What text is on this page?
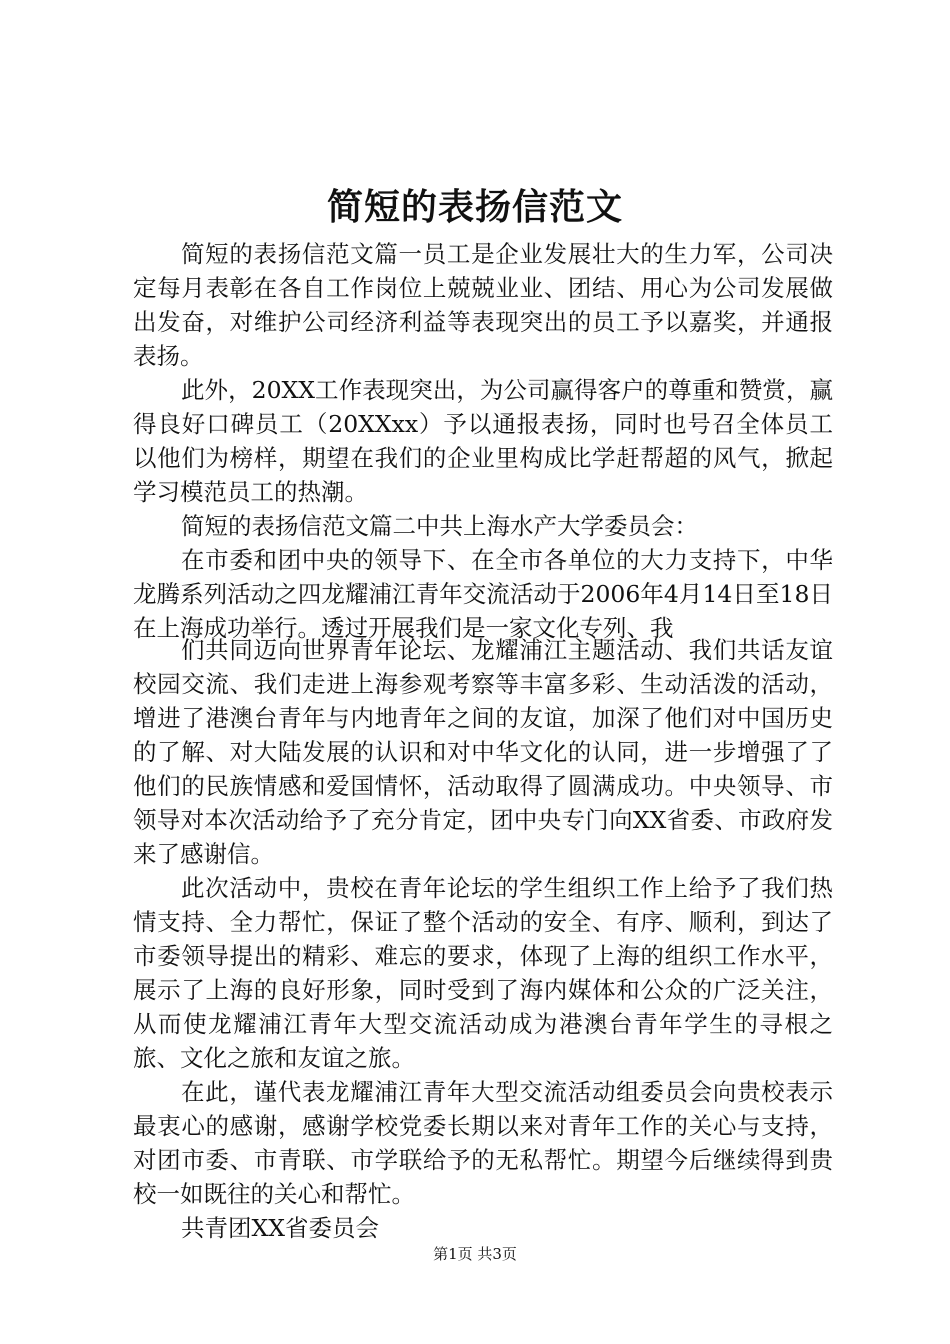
简短的表扬信范文

简短的表扬信范文篇一员工是企业发展壮大的生力军，公司决定每月表彰在各自工作岗位上兢兢业业、团结、用心为公司发展做出发奋，对维护公司经济利益等表现突出的员工予以嘉奖，并通报表扬。

此外，20XX工作表现突出，为公司赢得客户的尊重和赞赏，赢得良好口碑员工（20XXxx）予以通报表扬，同时也号召全体员工以他们为榜样，期望在我们的企业里构成比学赶帮超的风气，掀起学习模范员工的热潮。

简短的表扬信范文篇二中共上海水产大学委员会：

在市委和团中央的领导下、在全市各单位的大力支持下，中华龙腾系列活动之四龙耀浦江青年交流活动于2006年4月14日至18日在上海成功举行。透过开展我们是一家文化专列、我

们共同迈向世界青年论坛、龙耀浦江主题活动、我们共话友谊校园交流、我们走进上海参观考察等丰富多彩、生动活泼的活动，增进了港澳台青年与内地青年之间的友谊，加深了他们对中国历史的了解、对大陆发展的认识和对中华文化的认同，进一步增强了了他们的民族情感和爱国情怀，活动取得了圆满成功。中央领导、市领导对本次活动给予了充分肯定，团中央专门向XX省委、市政府发来了感谢信。

此次活动中，贵校在青年论坛的学生组织工作上给予了我们热情支持、全力帮忙，保证了整个活动的安全、有序、顺利，到达了市委领导提出的精彩、难忘的要求，体现了上海的组织工作水平，展示了上海的良好形象，同时受到了海内媒体和公众的广泛关注，从而使龙耀浦江青年大型交流活动成为港澳台青年学生的寻根之旅、文化之旅和友谊之旅。

在此，谨代表龙耀浦江青年大型交流活动组委员会向贵校表示最衷心的感谢，感谢学校党委长期以来对青年工作的关心与支持，对团市委、市青联、市学联给予的无私帮忙。期望今后继续得到贵校一如既往的关心和帮忙。

共青团XX省委员会

第1页 共3页
